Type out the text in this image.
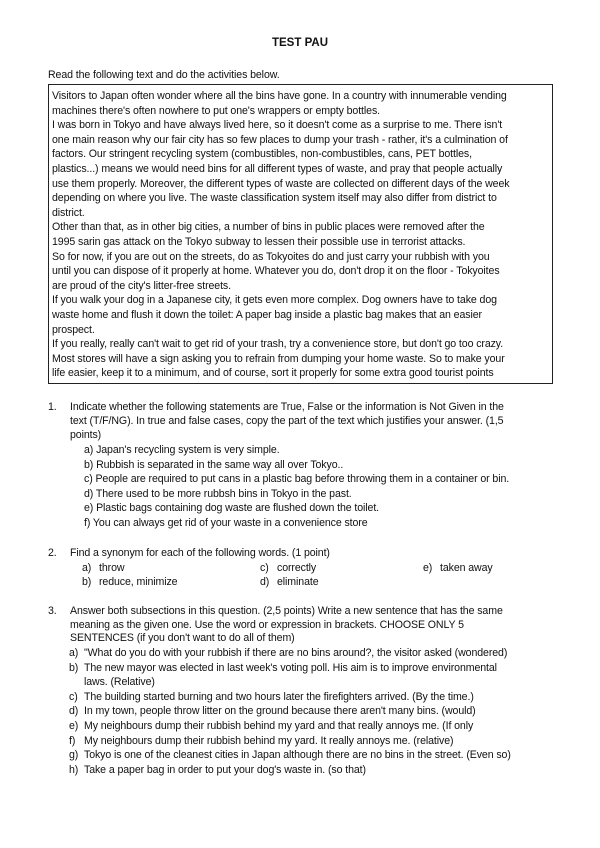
TEST PAU
Read the following text and do the activities below.
Visitors to Japan often wonder where all the bins have gone. In a country with innumerable vending
machines there's often nowhere to put one's wrappers or empty bottles.
I was born in Tokyo and have always lived here, so it doesn't come as a surprise to me. There isn't
one main reason why our fair city has so few places to dump your trash - rather, it's a culmination of
factors. Our stringent recycling system (combustibles, non-combustibles, cans, PET bottles,
plastics...) means we would need bins for all different types of waste, and pray that people actually
use them properly. Moreover, the different types of waste are collected on different days of the week
depending on where you live. The waste classification system itself may also differ from district to
district.
Other than that, as in other big cities, a number of bins in public places were removed after the
1995 sarin gas attack on the Tokyo subway to lessen their possible use in terrorist attacks.
So for now, if you are out on the streets, do as Tokyoites do and just carry your rubbish with you
until you can dispose of it properly at home. Whatever you do, don't drop it on the floor - Tokyoites
are proud of the city's litter-free streets.
If you walk your dog in a Japanese city, it gets even more complex. Dog owners have to take dog
waste home and flush it down the toilet: A paper bag inside a plastic bag makes that an easier
prospect.
If you really, really can't wait to get rid of your trash, try a convenience store, but don't go too crazy.
Most stores will have a sign asking you to refrain from dumping your home waste. So to make your
life easier, keep it to a minimum, and of course, sort it properly for some extra good tourist points
1. Indicate whether the following statements are True, False or the information is Not Given in the
text (T/F/NG). In true and false cases, copy the part of the text which justifies your answer. (1,5
points)
a) Japan's recycling system is very simple.
b) Rubbish is separated in the same way all over Tokyo..
c) People are required to put cans in a plastic bag before throwing them in a container or bin.
d) There used to be more rubbsh bins in Tokyo in the past.
e) Plastic bags containing dog waste are flushed down the toilet.
f) You can always get rid of your waste in a convenience store
2. Find a synonym for each of the following words. (1 point)
a) throw
b) reduce, minimize
c) correctly
d) eliminate
e) taken away
3. Answer both subsections in this question. (2,5 points) Write a new sentence that has the same
meaning as the given one. Use the word or expression in brackets. CHOOSE ONLY 5
SENTENCES (if you don't want to do all of them)
a) "What do you do with your rubbish if there are no bins around?, the visitor asked (wondered)
b) The new mayor was elected in last week's voting poll. His aim is to improve environmental
laws. (Relative)
c) The building started burning and two hours later the firefighters arrived. (By the time.)
d) In my town, people throw litter on the ground because there aren't many bins. (would)
e) My neighbours dump their rubbish behind my yard and that really annoys me. (If only
f) My neighbours dump their rubbish behind my yard. It really annoys me. (relative)
g) Tokyo is one of the cleanest cities in Japan although there are no bins in the street. (Even so)
h) Take a paper bag in order to put your dog's waste in. (so that)
